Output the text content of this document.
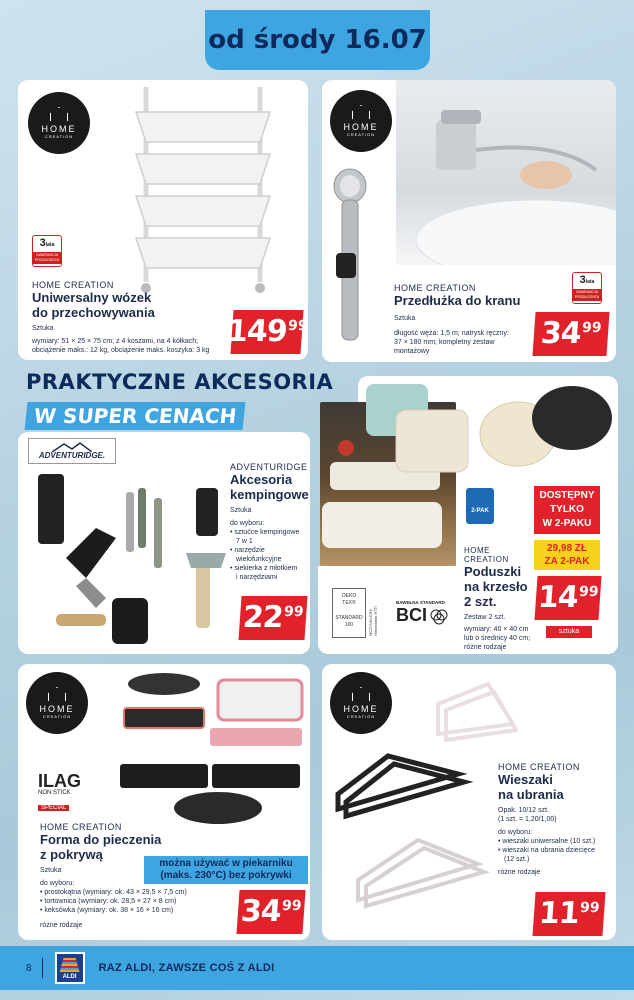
od środy 16.07
HOME
CREATION
3lata
GWARANCJA PRODUCENTA
HOME CREATION
Uniwersalny wózek
do przechowywania
Sztuka
wymiary: 51 × 25 × 75 cm; z 4 koszami, na 4 kółkach;
obciążenie maks.: 12 kg, obciążenie maks. koszyka: 3 kg
149 99
HOME
CREATION
3lata
GWARANCJA PRODUCENTA
HOME CREATION
Przedłużka do kranu
Sztuka
długość węża: 1,5 m; natrysk ręczny:
37 × 180 mm; kompletny zestaw
montażowy
34 99
PRAKTYCZNE AKCESORIA
W SUPER CENACH
ADVENTURIDGE.
ADVENTURIDGE
Akcesoria
kempingowe
Sztuka
do wyboru:
• sztućce kempingowe
7 w 1
• narzędzie
wielofunkcyjne
• siekierka z młotkiem
i narzędziami
22 99
2-PAK
DOSTĘPNY
TYLKO
W 2-PAKU
29,98 ZŁ
ZA 2-PAK
HOME CREATION
Poduszki
na krzesło
2 szt.
Zestaw 2 szt.
wymiary: 40 × 40 cm
lub o średnicy 40 cm;
różne rodzaje
14 99
sztuka
OEKO
TEX®
STANDARD
100	MCZ7NSLCR9 Hohenstein HTTI
BAWEŁNA STANDARD
BCI
HOME
CREATION
ILAG
NON STICK
SPECIAL
HOME CREATION
Forma do pieczenia
z pokrywą
Sztuka
do wyboru:
• prostokątna (wymiary: ok. 43 × 29,5 × 7,5 cm)
• tortownica (wymiary: ok. 28,5 × 27 × 8 cm)
• keksówka (wymiary: ok. 38 × 16 × 16 cm)
różne rodzaje
można używać w piekarniku
(maks. 230°C) bez pokrywki
34 99
HOME
CREATION
HOME CREATION
Wieszaki
na ubrania
Opak. 10/12 szt.
(1 szt. = 1,20/1,00)
do wyboru:
• wieszaki uniwersalne (10 szt.)
• wieszaki na ubrania dziecięce
(12 szt.)
różne rodzaje
11 99
8
ALDI
RAZ ALDI, ZAWSZE COŚ Z ALDI
